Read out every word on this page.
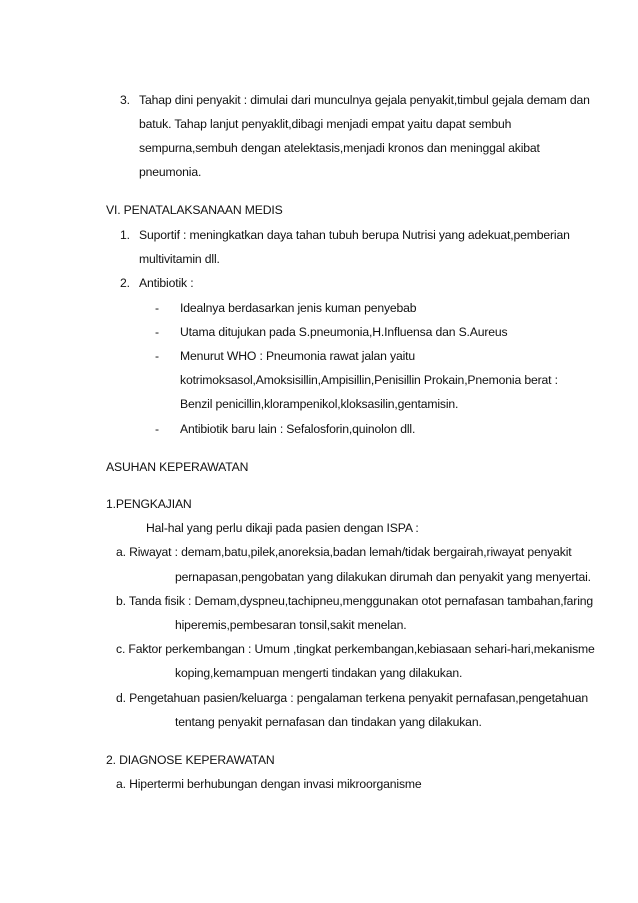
3. Tahap dini penyakit : dimulai dari munculnya gejala penyakit,timbul gejala demam dan
batuk. Tahap lanjut penyaklit,dibagi menjadi empat yaitu dapat sembuh
sempurna,sembuh dengan atelektasis,menjadi kronos dan meninggal akibat
pneumonia.
VI. PENATALAKSANAAN MEDIS
1. Suportif : meningkatkan daya tahan tubuh berupa Nutrisi yang adekuat,pemberian
multivitamin dll.
2. Antibiotik :
- Idealnya berdasarkan jenis kuman penyebab
- Utama ditujukan pada S.pneumonia,H.Influensa dan S.Aureus
- Menurut WHO : Pneumonia rawat jalan yaitu
kotrimoksasol,Amoksisillin,Ampisillin,Penisillin Prokain,Pnemonia berat :
Benzil penicillin,klorampenikol,kloksasilin,gentamisin.
- Antibiotik baru lain : Sefalosforin,quinolon dll.
ASUHAN KEPERAWATAN
1.PENGKAJIAN
Hal-hal yang perlu dikaji pada pasien dengan ISPA :
a. Riwayat : demam,batu,pilek,anoreksia,badan lemah/tidak bergairah,riwayat penyakit
pernapasan,pengobatan yang dilakukan dirumah dan penyakit yang menyertai.
b. Tanda fisik : Demam,dyspneu,tachipneu,menggunakan otot pernafasan tambahan,faring
hiperemis,pembesaran tonsil,sakit menelan.
c. Faktor perkembangan : Umum ,tingkat perkembangan,kebiasaan sehari-hari,mekanisme
koping,kemampuan mengerti tindakan yang dilakukan.
d. Pengetahuan pasien/keluarga : pengalaman terkena penyakit pernafasan,pengetahuan
tentang penyakit pernafasan dan tindakan yang dilakukan.
2. DIAGNOSE KEPERAWATAN
a. Hipertermi berhubungan dengan invasi mikroorganisme
